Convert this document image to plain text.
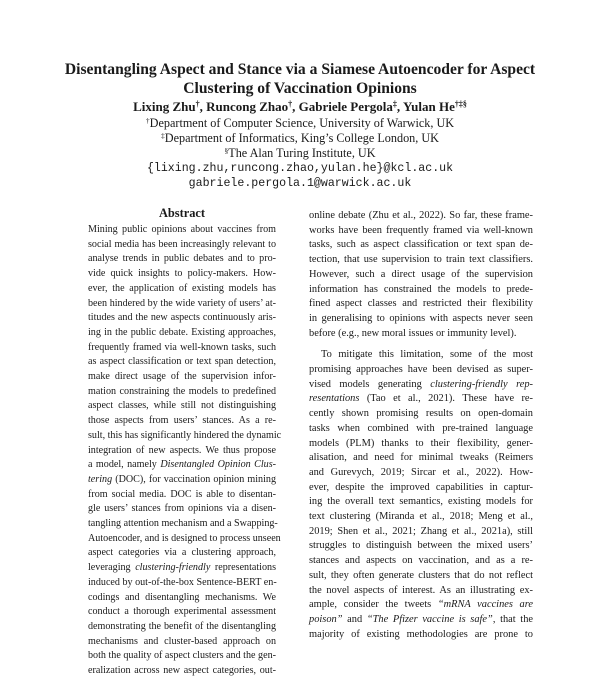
Disentangling Aspect and Stance via a Siamese Autoencoder for Aspect
Clustering of Vaccination Opinions
Lixing Zhu†, Runcong Zhao†, Gabriele Pergola‡, Yulan He†‡§
†Department of Computer Science, University of Warwick, UK
‡Department of Informatics, King’s College London, UK
§The Alan Turing Institute, UK
{lixing.zhu,runcong.zhao,yulan.he}@kcl.ac.uk
gabriele.pergola.1@warwick.ac.uk
Abstract
Mining public opinions about vaccines from
social media has been increasingly relevant to
analyse trends in public debates and to pro-
vide quick insights to policy-makers. How-
ever, the application of existing models has
been hindered by the wide variety of users’ at-
titudes and the new aspects continuously aris-
ing in the public debate. Existing approaches,
frequently framed via well-known tasks, such
as aspect classification or text span detection,
make direct usage of the supervision infor-
mation constraining the models to predefined
aspect classes, while still not distinguishing
those aspects from users’ stances. As a re-
sult, this has significantly hindered the dynamic
integration of new aspects. We thus propose
a model, namely Disentangled Opinion Clus-
tering (DOC), for vaccination opinion mining
from social media. DOC is able to disentan-
gle users’ stances from opinions via a disen-
tangling attention mechanism and a Swapping-
Autoencoder, and is designed to process unseen
aspect categories via a clustering approach,
leveraging clustering-friendly representations
induced by out-of-the-box Sentence-BERT en-
codings and disentangling mechanisms. We
conduct a thorough experimental assessment
demonstrating the benefit of the disentangling
mechanisms and cluster-based approach on
both the quality of aspect clusters and the gen-
eralization across new aspect categories, out-
online debate (Zhu et al., 2022). So far, these frame-
works have been frequently framed via well-known
tasks, such as aspect classification or text span de-
tection, that use supervision to train text classifiers.
However, such a direct usage of the supervision
information has constrained the models to prede-
fined aspect classes and restricted their flexibility
in generalising to opinions with aspects never seen
before (e.g., new moral issues or immunity level).
To mitigate this limitation, some of the most
promising approaches have been devised as super-
vised models generating clustering-friendly rep-
resentations (Tao et al., 2021). These have re-
cently shown promising results on open-domain
tasks when combined with pre-trained language
models (PLM) thanks to their flexibility, gener-
alisation, and need for minimal tweaks (Reimers
and Gurevych, 2019; Sircar et al., 2022). How-
ever, despite the improved capabilities in captur-
ing the overall text semantics, existing models for
text clustering (Miranda et al., 2018; Meng et al.,
2019; Shen et al., 2021; Zhang et al., 2021a), still
struggles to distinguish between the mixed users’
stances and aspects on vaccination, and as a re-
sult, they often generate clusters that do not reflect
the novel aspects of interest. As an illustrating ex-
ample, consider the tweets “mRNA vaccines are
poison” and “The Pfizer vaccine is safe”, that the
majority of existing methodologies are prone to
